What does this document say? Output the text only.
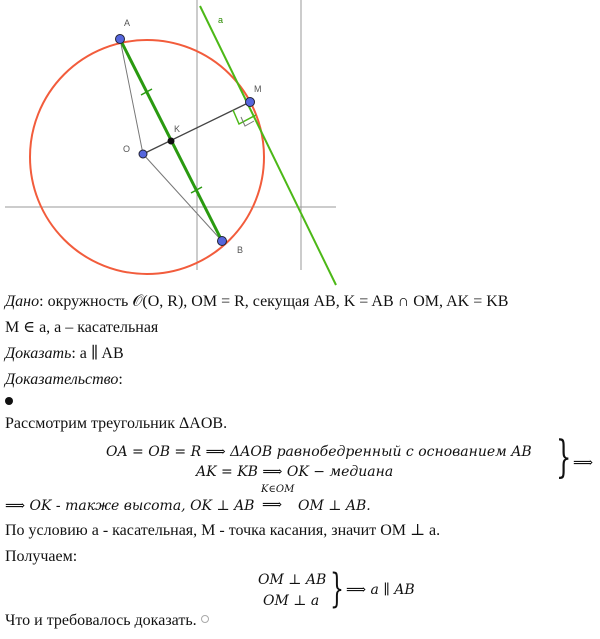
A
M
O
K
B
a
Дано: окружность 𝒪(O, R), OM = R, секущая AB, K = AB ∩ OM, AK = KB
M ∈ a, a – касательная
Доказать: a ∥ AB
Доказательство:
Рассмотрим треугольник ΔAOB.
OA = OB = R ⟹ ΔAOB равнобедренный с основанием AB
AK = KB ⟹ OK − медиана	} ⟹
⟹ OK - также высота, OK ⊥ AB
K∈OM
⟹ OM ⊥ AB.
По условию a - касательная, M - точка касания, значит OM ⊥ a.
Получаем:
OM ⊥ AB
OM ⊥ a } ⟹ a ∥ AB
Что и требовалось доказать.
